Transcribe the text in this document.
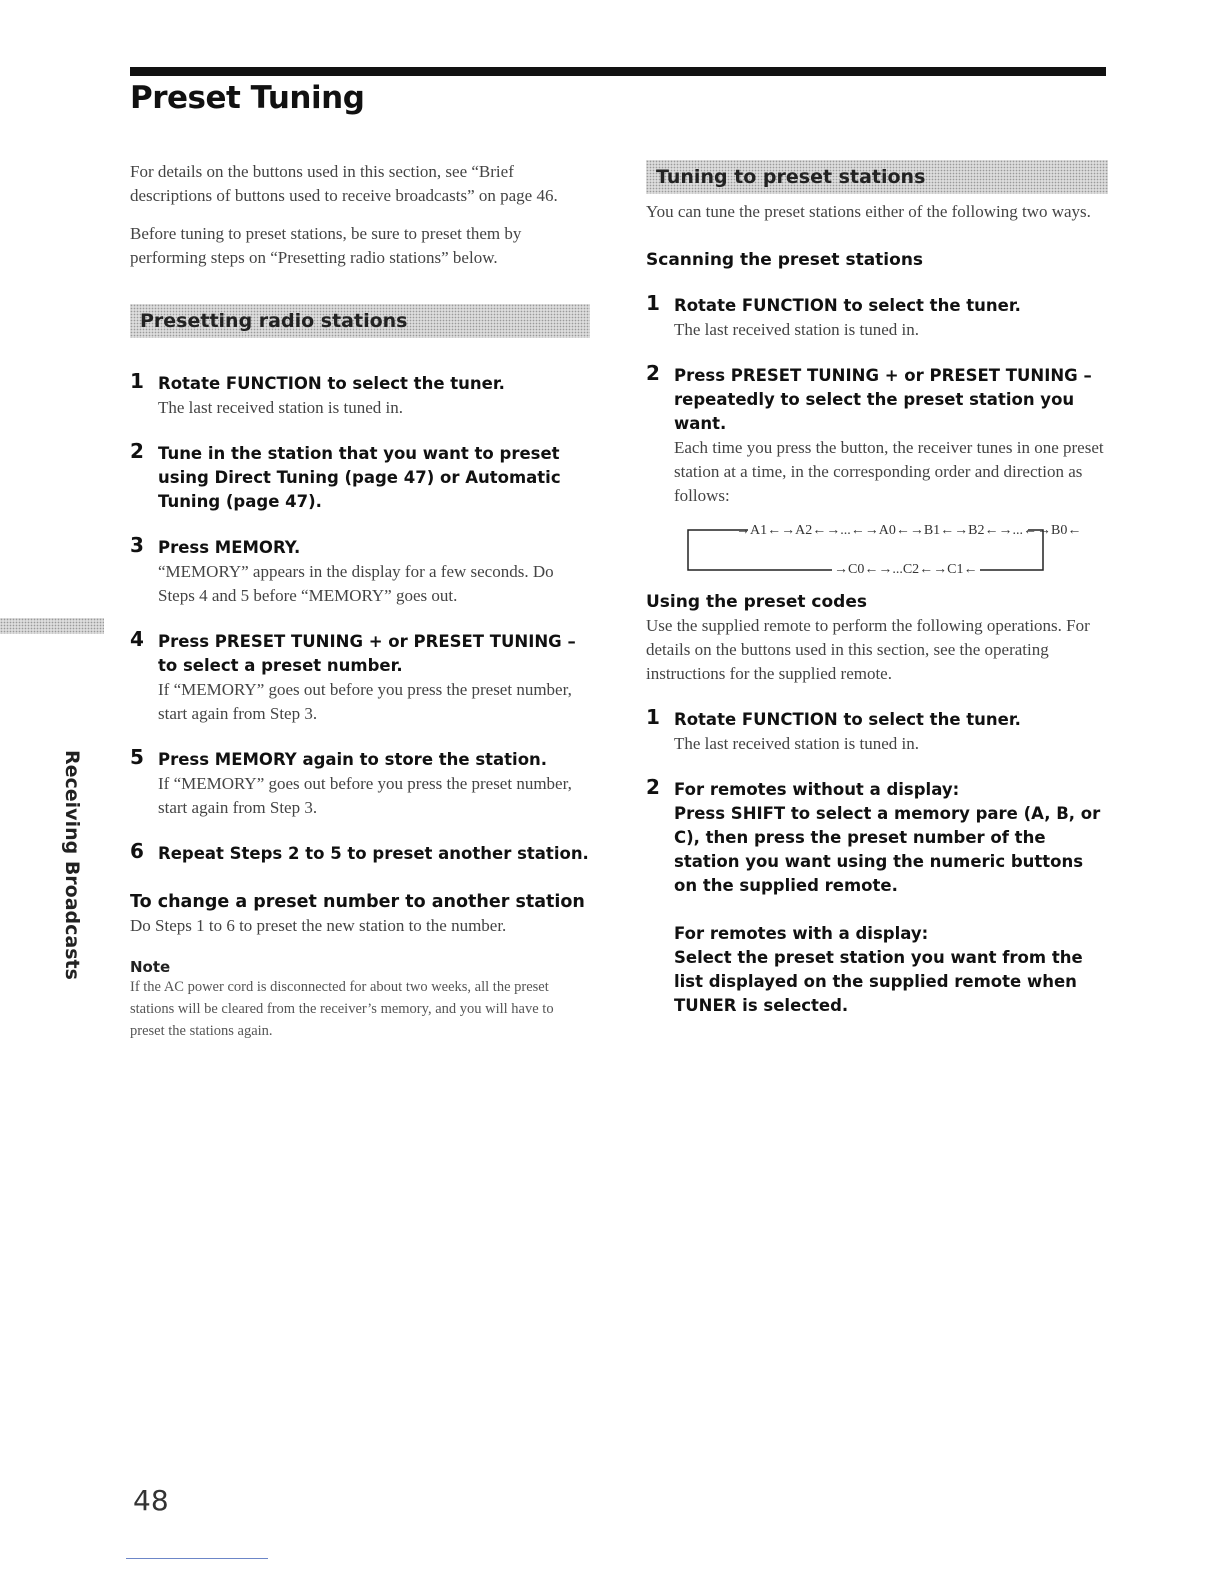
Preset Tuning
Receiving Broadcasts

For details on the buttons used in this section, see “Brief descriptions of buttons used to receive broadcasts” on page 46.

Before tuning to preset stations, be sure to preset them by performing steps on “Presetting radio stations” below.

Presetting radio stations
1 Rotate FUNCTION to select the tuner.

The last received station is tuned in.

2 Tune in the station that you want to preset using Direct Tuning (page 47) or Automatic Tuning (page 47).

3 Press MEMORY.

“MEMORY” appears in the display for a few seconds. Do Steps 4 and 5 before “MEMORY” goes out.

4 Press PRESET TUNING + or PRESET TUNING – to select a preset number.

If “MEMORY” goes out before you press the preset number, start again from Step 3.

5 Press MEMORY again to store the station.

If “MEMORY” goes out before you press the preset number, start again from Step 3.

6 Repeat Steps 2 to 5 to preset another station.

To change a preset number to another station

Do Steps 1 to 6 to preset the new station to the number.

Note

If the AC power cord is disconnected for about two weeks, all the preset stations will be cleared from the receiver’s memory, and you will have to preset the stations again.

Tuning to preset stations

You can tune the preset stations either of the following two ways.

Scanning the preset stations

1 Rotate FUNCTION to select the tuner.

The last received station is tuned in.

2 Press PRESET TUNING + or PRESET TUNING – repeatedly to select the preset station you want.

Each time you press the button, the receiver tunes in one preset station at a time, in the corresponding order and direction as follows:

→A1←→A2←→...←→A0←→B1←→B2←→...←→B0←
→C0←→...C2←→C1←

Using the preset codes

Use the supplied remote to perform the following operations. For details on the buttons used in this section, see the operating instructions for the supplied remote.

1 Rotate FUNCTION to select the tuner.

The last received station is tuned in.

2 For remotes without a display:

Press SHIFT to select a memory pare (A, B, or C), then press the preset number of the station you want using the numeric buttons on the supplied remote.

For remotes with a display:

Select the preset station you want from the list displayed on the supplied remote when TUNER is selected.

48
